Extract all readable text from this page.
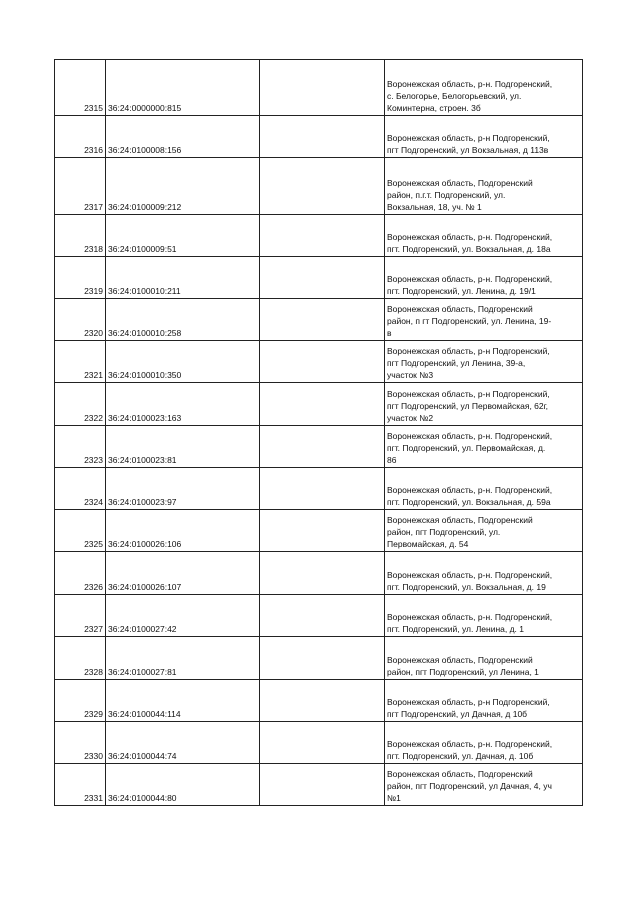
2315	36:24:0000000:815		Воронежская область, р-н. Подгоренский,
с. Белогорье, Белогорьевский, ул.
Коминтерна, строен. 3б
2316	36:24:0100008:156		Воронежская область, р-н Подгоренский,
пгт Подгоренский, ул Вокзальная, д 113в
2317	36:24:0100009:212		Воронежская область, Подгоренский
район, п.г.т. Подгоренский, ул.
Вокзальная, 18, уч. № 1
2318	36:24:0100009:51		Воронежская область, р-н. Подгоренский,
пгт. Подгоренский, ул. Вокзальная, д. 18а
2319	36:24:0100010:211		Воронежская область, р-н. Подгоренский,
пгт. Подгоренский, ул. Ленина, д. 19/1
2320	36:24:0100010:258		Воронежская область, Подгоренский
район, п гт Подгоренский, ул. Ленина, 19-
в
2321	36:24:0100010:350		Воронежская область, р-н Подгоренский,
пгт Подгоренский, ул Ленина, 39-а,
участок №3
2322	36:24:0100023:163		Воронежская область, р-н Подгоренский,
пгт Подгоренский, ул Первомайская, 62г,
участок №2
2323	36:24:0100023:81		Воронежская область, р-н. Подгоренский,
пгт. Подгоренский, ул. Первомайская, д.
86
2324	36:24:0100023:97		Воронежская область, р-н. Подгоренский,
пгт. Подгоренский, ул. Вокзальная, д. 59а
2325	36:24:0100026:106		Воронежская область, Подгоренский
район, пгт Подгоренский, ул.
Первомайская, д. 54
2326	36:24:0100026:107		Воронежская область, р-н. Подгоренский,
пгт. Подгоренский, ул. Вокзальная, д. 19
2327	36:24:0100027:42		Воронежская область, р-н. Подгоренский,
пгт. Подгоренский, ул. Ленина, д. 1
2328	36:24:0100027:81		Воронежская область, Подгоренский
район, пгт Подгоренский, ул Ленина, 1
2329	36:24:0100044:114		Воронежская область, р-н Подгоренский,
пгт Подгоренский, ул Дачная, д 10б
2330	36:24:0100044:74		Воронежская область, р-н. Подгоренский,
пгт. Подгоренский, ул. Дачная, д. 10б
2331	36:24:0100044:80		Воронежская область, Подгоренский
район, пгт Подгоренский, ул Дачная, 4, уч
№1
